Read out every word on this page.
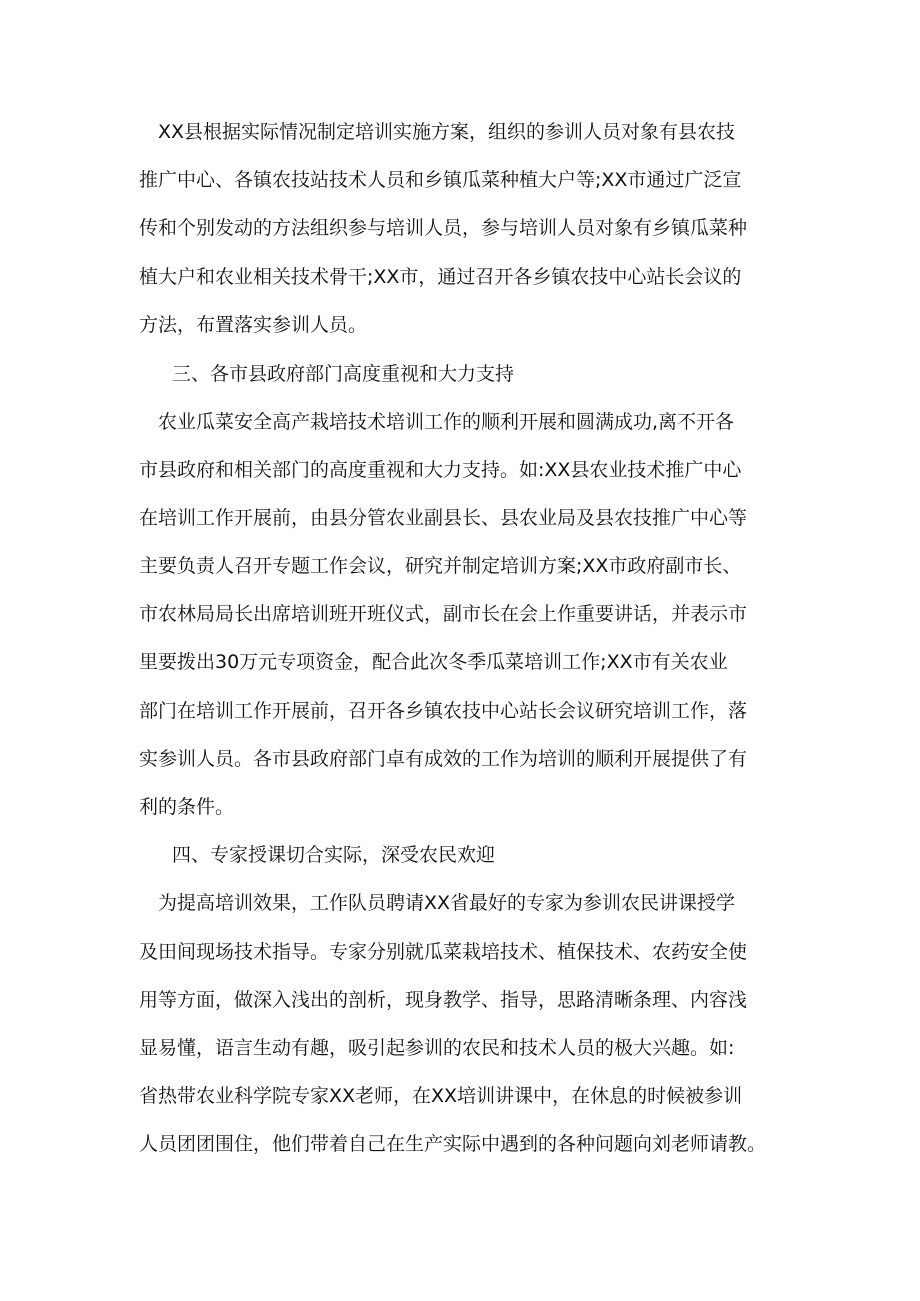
　XX县根据实际情况制定培训实施方案，组织的参训人员对象有县农技
推广中心、各镇农技站技术人员和乡镇瓜菜种植大户等;XX市通过广泛宣
传和个别发动的方法组织参与培训人员，参与培训人员对象有乡镇瓜菜种
植大户和农业相关技术骨干;XX市，通过召开各乡镇农技中心站长会议的
方法，布置落实参训人员。
三、各市县政府部门高度重视和大力支持
　农业瓜菜安全高产栽培技术培训工作的顺利开展和圆满成功,离不开各
市县政府和相关部门的高度重视和大力支持。如:XX县农业技术推广中心
在培训工作开展前，由县分管农业副县长、县农业局及县农技推广中心等
主要负责人召开专题工作会议，研究并制定培训方案;XX市政府副市长、
市农林局局长出席培训班开班仪式，副市长在会上作重要讲话，并表示市
里要拨出30万元专项资金，配合此次冬季瓜菜培训工作;XX市有关农业
部门在培训工作开展前，召开各乡镇农技中心站长会议研究培训工作，落
实参训人员。各市县政府部门卓有成效的工作为培训的顺利开展提供了有
利的条件。
四、专家授课切合实际，深受农民欢迎
　为提高培训效果，工作队员聘请XX省最好的专家为参训农民讲课授学
及田间现场技术指导。专家分别就瓜菜栽培技术、植保技术、农药安全使
用等方面，做深入浅出的剖析，现身教学、指导，思路清晰条理、内容浅
显易懂，语言生动有趣，吸引起参训的农民和技术人员的极大兴趣。如:
省热带农业科学院专家XX老师，在XX培训讲课中，在休息的时候被参训
人员团团围住，他们带着自己在生产实际中遇到的各种问题向刘老师请教。
